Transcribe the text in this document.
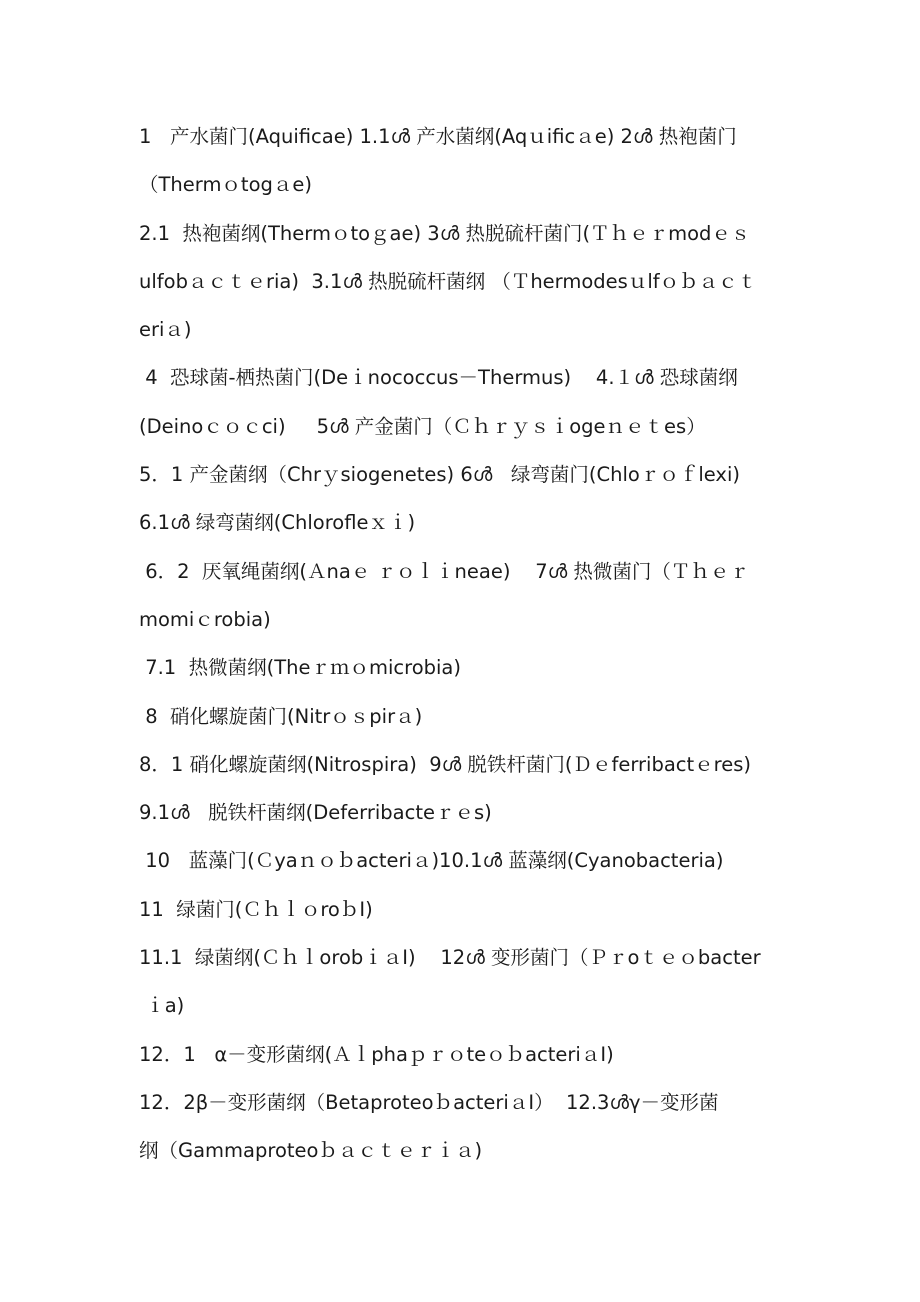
1   产水菌门(Aquificae) 1.1ൾ 产水菌纲(Aqｕificａe) 2ൾ 热袍菌门
（Thermｏtogａe)
2.1  热袍菌纲(Thermｏtoｇae) 3ൾ 热脱硫杆菌门(Ｔｈｅｒmodｅｓ
ulfobａｃｔｅria)  3.1ൾ 热脱硫杆菌纲 （Ｔhermodesｕlfｏｂａｃｔ
eriａ)
4  恐球菌-栖热菌门(Deｉnococcus－Thermus)    4.１ൾ 恐球菌纲
(Deinoｃｏｃci)     5ൾ 产金菌门（Ｃｈｒｙｓｉogeｎｅｔes）
5．1 产金菌纲（Chrｙsiogenetes) 6ൾ   绿弯菌门(Chloｒｏｆlexi)
6.1ൾ 绿弯菌纲(Chlorofleｘｉ)
6．2  厌氧绳菌纲(Ａnaｅ ｒｏｌｉneae)    7ൾ 热微菌门（Ｔｈｅｒ
momiｃrobia)
7.1  热微菌纲(Theｒｍｏmicrobia)
8  硝化螺旋菌门(Nitrｏｓpirａ)
8．1 硝化螺旋菌纲(Nitrospira)  9ൾ 脱铁杆菌门(Ｄｅferribactｅres)
9.1ൾ   脱铁杆菌纲(Deferribacteｒｅs)
10   蓝藻门(Ｃyaｎｏｂacteriａ)10.1ൾ 蓝藻纲(Cyanobacteria)
11  绿菌门(ＣｈｌｏroｂI)
11.1  绿菌纲(ＣｈｌorobｉａI)    12ൾ 变形菌门（Ｐｒoｔｅｏbacter
ｉa)
12．1   α－变形菌纲(ＡｌphaｐｒｏteｏｂacteriａI)
12．2β－变形菌纲（BetaproteoｂacteriａI）  12.3ൾγ－变形菌
纲（Gammaproteoｂａｃｔｅｒｉａ)
